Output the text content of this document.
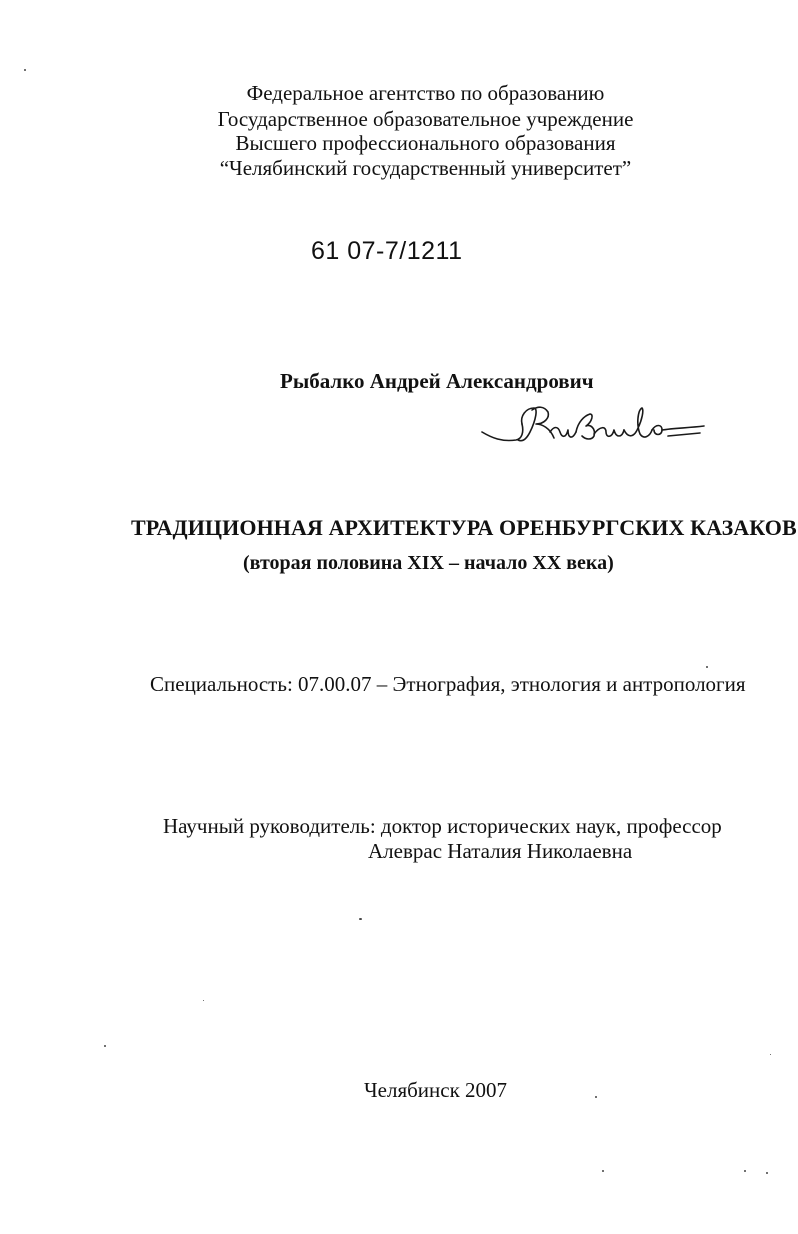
Федеральное агентство по образованию
Государственное образовательное учреждение
Высшего профессионального образования
“Челябинский государственный университет”
61 07-7/1211
Рыбалко Андрей Александрович
ТРАДИЦИОННАЯ АРХИТЕКТУРА ОРЕНБУРГСКИХ КАЗАКОВ
(вторая половина XIX – начало XX века)
Специальность: 07.00.07 – Этнография, этнология и антропология
Научный руководитель: доктор исторических наук, профессор
Алеврас Наталия Николаевна
Челябинск 2007
